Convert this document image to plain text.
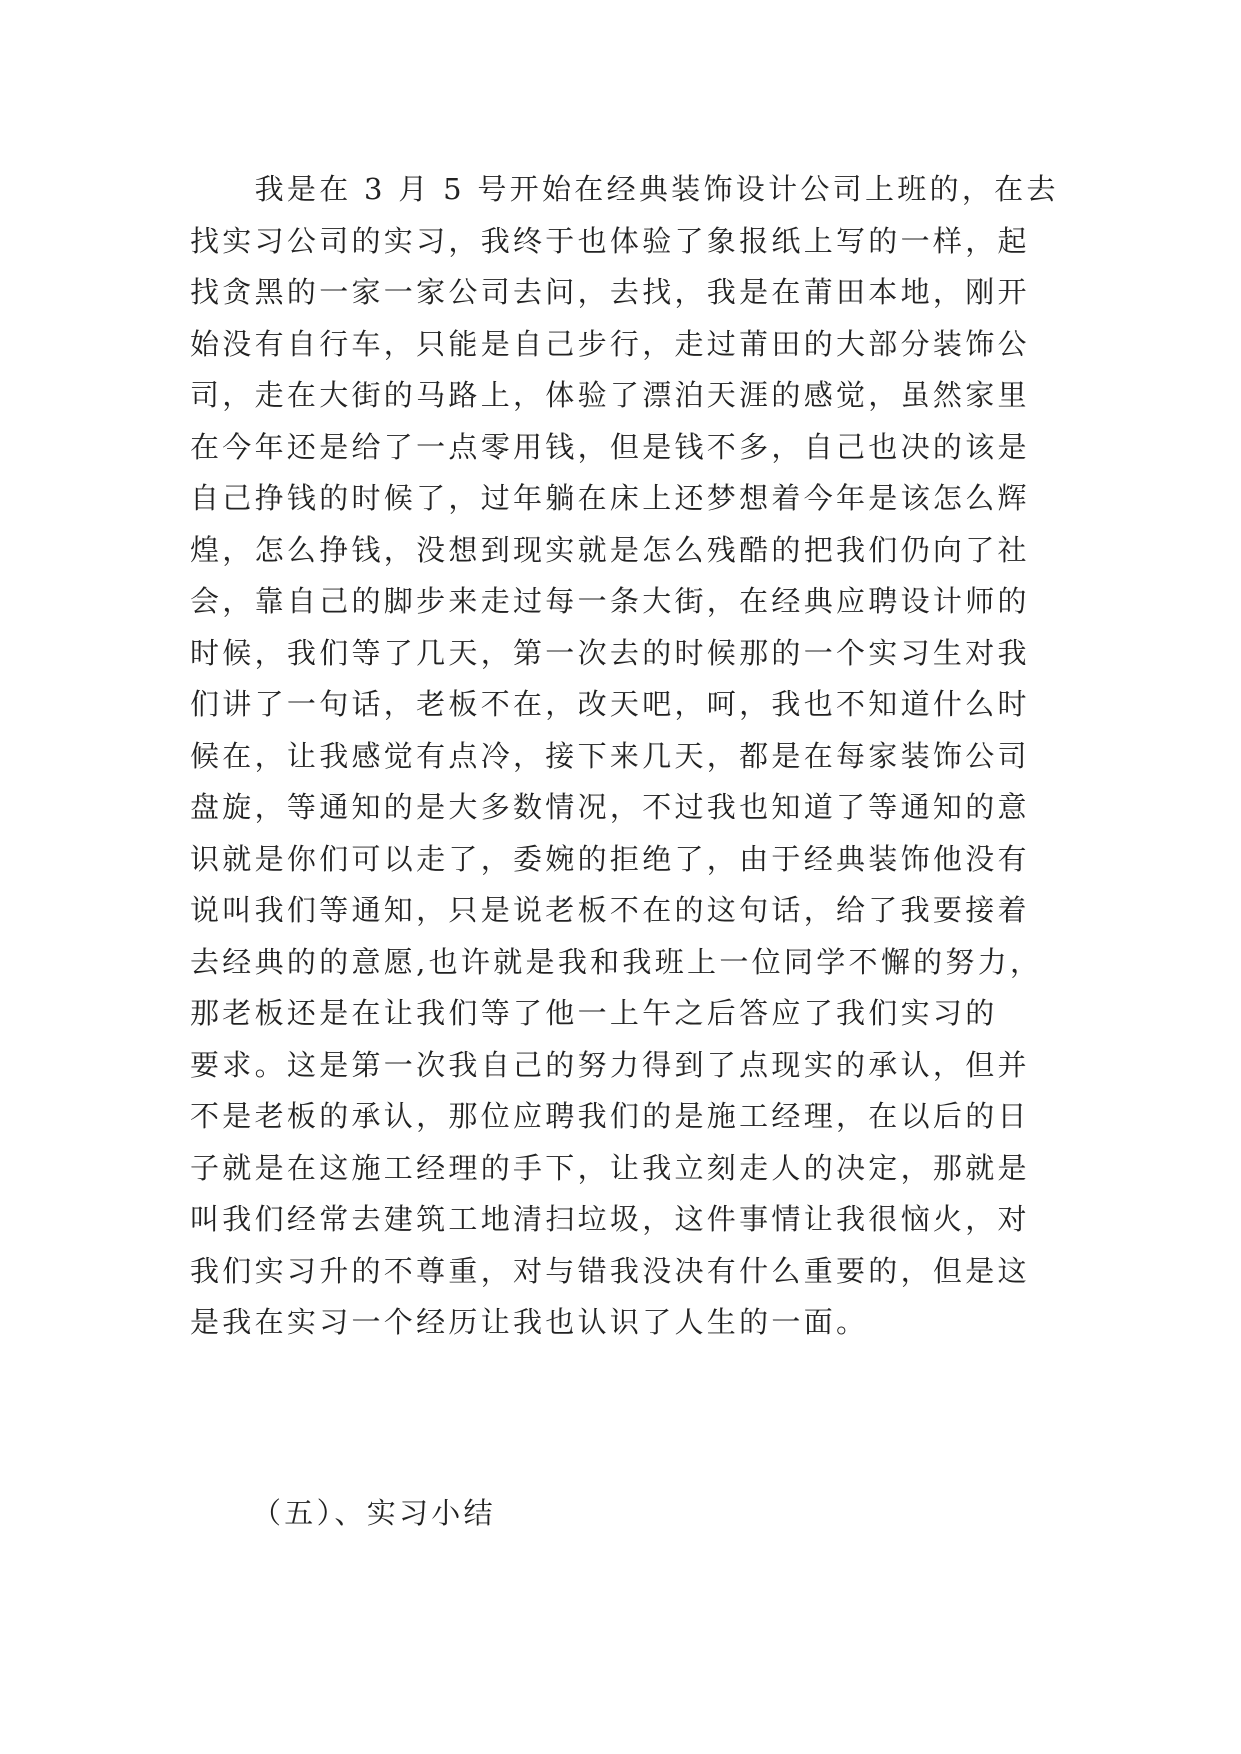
　　我是在 3 月 5 号开始在经典装饰设计公司上班的，在去
找实习公司的实习，我终于也体验了象报纸上写的一样，起
找贪黑的一家一家公司去问，去找，我是在莆田本地，刚开
始没有自行车，只能是自己步行，走过莆田的大部分装饰公
司，走在大街的马路上，体验了漂泊天涯的感觉，虽然家里
在今年还是给了一点零用钱，但是钱不多，自己也决的该是
自己挣钱的时候了，过年躺在床上还梦想着今年是该怎么辉
煌，怎么挣钱，没想到现实就是怎么残酷的把我们仍向了社
会，靠自己的脚步来走过每一条大街，在经典应聘设计师的
时候，我们等了几天，第一次去的时候那的一个实习生对我
们讲了一句话，老板不在，改天吧，呵，我也不知道什么时
候在，让我感觉有点冷，接下来几天，都是在每家装饰公司
盘旋，等通知的是大多数情况，不过我也知道了等通知的意
识就是你们可以走了，委婉的拒绝了，由于经典装饰他没有
说叫我们等通知，只是说老板不在的这句话，给了我要接着
去经典的的意愿,也许就是我和我班上一位同学不懈的努力，
那老板还是在让我们等了他一上午之后答应了我们实习的
要求。这是第一次我自己的努力得到了点现实的承认，但并
不是老板的承认，那位应聘我们的是施工经理，在以后的日
子就是在这施工经理的手下，让我立刻走人的决定，那就是
叫我们经常去建筑工地清扫垃圾，这件事情让我很恼火，对
我们实习升的不尊重，对与错我没决有什么重要的，但是这
是我在实习一个经历让我也认识了人生的一面。
（五）、实习小结
